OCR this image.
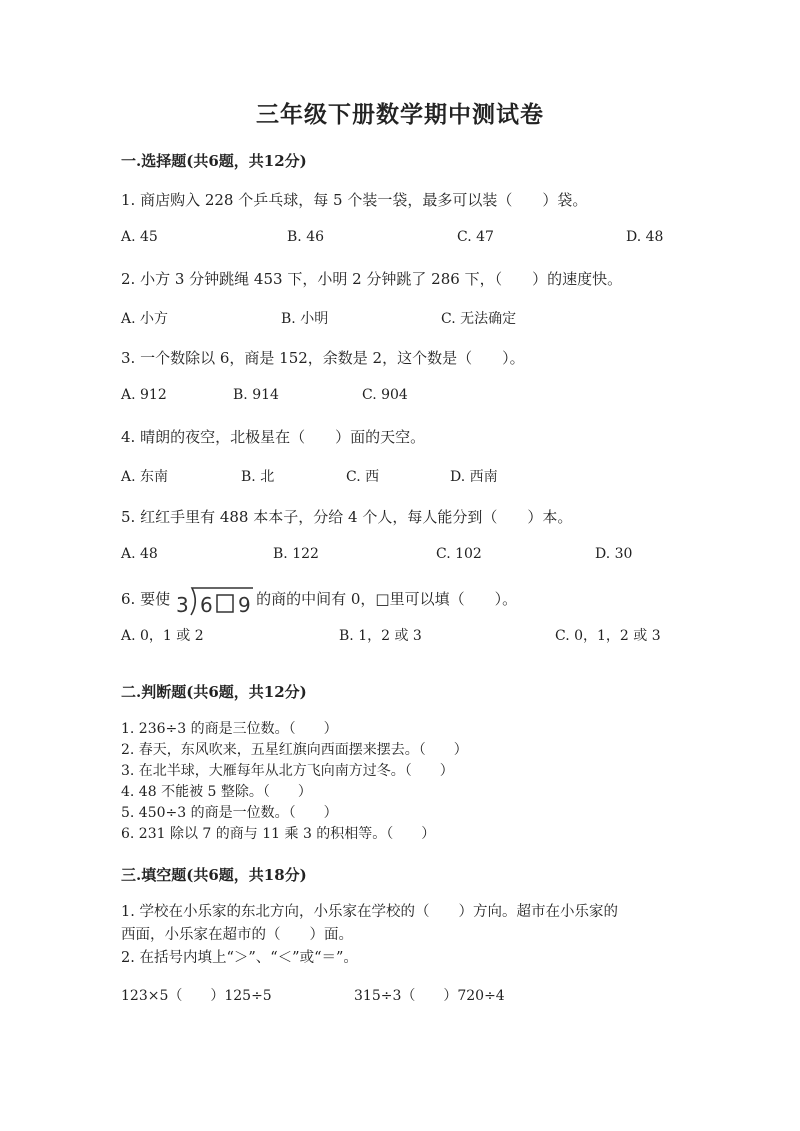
三年级下册数学期中测试卷
一.选择题(共6题，共12分)
1. 商店购入 228 个乒乓球，每 5 个装一袋，最多可以装（　　）袋。
A. 45	B. 46	C. 47	D. 48
2. 小方 3 分钟跳绳 453 下，小明 2 分钟跳了 286 下，（　　）的速度快。
A. 小方	B. 小明	C. 无法确定
3. 一个数除以 6，商是 152，余数是 2，这个数是（　　）。
A. 912	B. 914	C. 904
4. 晴朗的夜空，北极星在（　　）面的天空。
A. 东南	B. 北	C. 西	D. 西南
5. 红红手里有 488 本本子，分给 4 个人，每人能分到（　　）本。
A. 48	B. 122	C. 102	D. 30
6. 要使 3 6 9 的商的中间有 0，□里可以填（　　）。
A. 0，1 或 2	B. 1，2 或 3	C. 0，1，2 或 3
二.判断题(共6题，共12分)
1. 236÷3 的商是三位数。（　　）
2. 春天，东风吹来，五星红旗向西面摆来摆去。（　　）
3. 在北半球，大雁每年从北方飞向南方过冬。（　　）
4. 48 不能被 5 整除。（　　）
5. 450÷3 的商是一位数。（　　）
6. 231 除以 7 的商与 11 乘 3 的积相等。（　　）
三.填空题(共6题，共18分)
1. 学校在小乐家的东北方向，小乐家在学校的（　　）方向。超市在小乐家的
西面，小乐家在超市的（　　）面。
2. 在括号内填上“＞”、“＜”或“＝”。
123×5（　　）125÷5	315÷3（　　）720÷4
